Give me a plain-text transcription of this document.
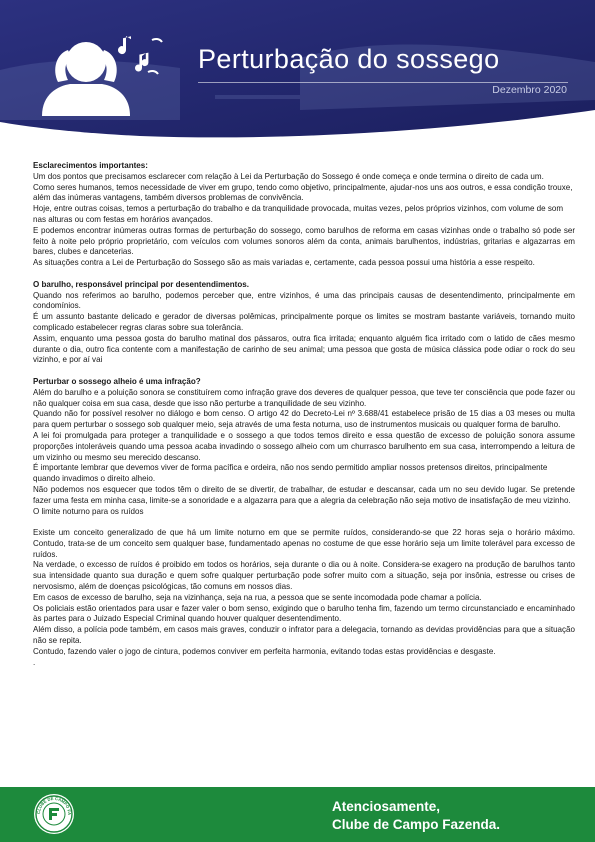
Perturbação do sossego
Dezembro 2020

Esclarecimentos importantes:

Um dos pontos que precisamos esclarecer com relação à Lei da Perturbação do Sossego é onde começa e onde termina o direito de cada um.

Como seres humanos, temos necessidade de viver em grupo, tendo como objetivo, principalmente, ajudar-nos uns aos outros, e essa condição trouxe, além das inúmeras vantagens, também diversos problemas de convivência.

Hoje, entre outras coisas, temos a perturbação do trabalho e da tranquilidade provocada, muitas vezes, pelos próprios vizinhos, com volume de som nas alturas ou com festas em horários avançados.

E podemos encontrar inúmeras outras formas de perturbação do sossego, como barulhos de reforma em casas vizinhas onde o trabalho só pode ser feito à noite pelo próprio proprietário, com veículos com volumes sonoros além da conta, animais barulhentos, indústrias, gritarias e algazarras em bares, clubes e danceterias.

As situações contra a Lei de Perturbação do Sossego são as mais variadas e, certamente, cada pessoa possui uma história a esse respeito.

O barulho, responsável principal por desentendimentos.

Quando nos referimos ao barulho, podemos perceber que, entre vizinhos, é uma das principais causas de desentendimento, principalmente em condomínios.

É um assunto bastante delicado e gerador de diversas polêmicas, principalmente porque os limites se mostram bastante variáveis, tornando muito complicado estabelecer regras claras sobre sua tolerância.

Assim, enquanto uma pessoa gosta do barulho matinal dos pássaros, outra fica irritada; enquanto alguém fica irritado com o latido de cães mesmo durante o dia, outro fica contente com a manifestação de carinho de seu animal; uma pessoa que gosta de música clássica pode odiar o rock do seu vizinho, e por aí vai

Perturbar o sossego alheio é uma infração?

Além do barulho e a poluição sonora se constituírem como infração grave dos deveres de qualquer pessoa, que teve ter consciência que pode fazer ou não qualquer coisa em sua casa, desde que isso não perturbe a tranquilidade de seu vizinho.

Quando não for possível resolver no diálogo e bom censo. O artigo 42 do Decreto-Lei nº 3.688/41 estabelece prisão de 15 dias a 03 meses ou multa para quem perturbar o sossego sob qualquer meio, seja através de uma festa noturna, uso de instrumentos musicais ou qualquer forma de barulho.

A lei foi promulgada para proteger a tranquilidade e o sossego a que todos temos direito e essa questão de excesso de poluição sonora assume proporções intoleráveis quando uma pessoa acaba invadindo o sossego alheio com um churrasco barulhento em sua casa, interrompendo a leitura de um vizinho ou mesmo seu merecido descanso.

É importante lembrar que devemos viver de forma pacífica e ordeira, não nos sendo permitido ampliar nossos pretensos direitos, principalmente quando invadimos o direito alheio.

Não podemos nos esquecer que todos têm o direito de se divertir, de trabalhar, de estudar e descansar, cada um no seu devido lugar. Se pretende fazer uma festa em minha casa, limite-se a sonoridade e a algazarra para que a alegria da celebração não seja motivo de insatisfação de meu vizinho.

O limite noturno para os ruídos

Existe um conceito generalizado de que há um limite noturno em que se permite ruídos, considerando-se que 22 horas seja o horário máximo. Contudo, trata-se de um conceito sem qualquer base, fundamentado apenas no costume de que esse horário seja um limite tolerável para excesso de ruídos.

Na verdade, o excesso de ruídos é proibido em todos os horários, seja durante o dia ou à noite. Considera-se exagero na produção de barulhos tanto sua intensidade quanto sua duração e quem sofre qualquer perturbação pode sofrer muito com a situação, seja por insônia, estresse ou crises de nervosismo, além de doenças psicológicas, tão comuns em nossos dias.

Em casos de excesso de barulho, seja na vizinhança, seja na rua, a pessoa que se sente incomodada pode chamar a polícia.

Os policiais estão orientados para usar e fazer valer o bom senso, exigindo que o barulho tenha fim, fazendo um termo circunstanciado e encaminhado às partes para o Juizado Especial Criminal quando houver qualquer desentendimento.

Além disso, a polícia pode também, em casos mais graves, conduzir o infrator para a delegacia, tornando as devidas providências para que a situação não se repita.

Contudo, fazendo valer o jogo de cintura, podemos conviver em perfeita harmonia, evitando todas estas providências e desgaste.

.

CLUBE DE CAMPO FA	Atenciosamente,
Clube de Campo Fazenda.
